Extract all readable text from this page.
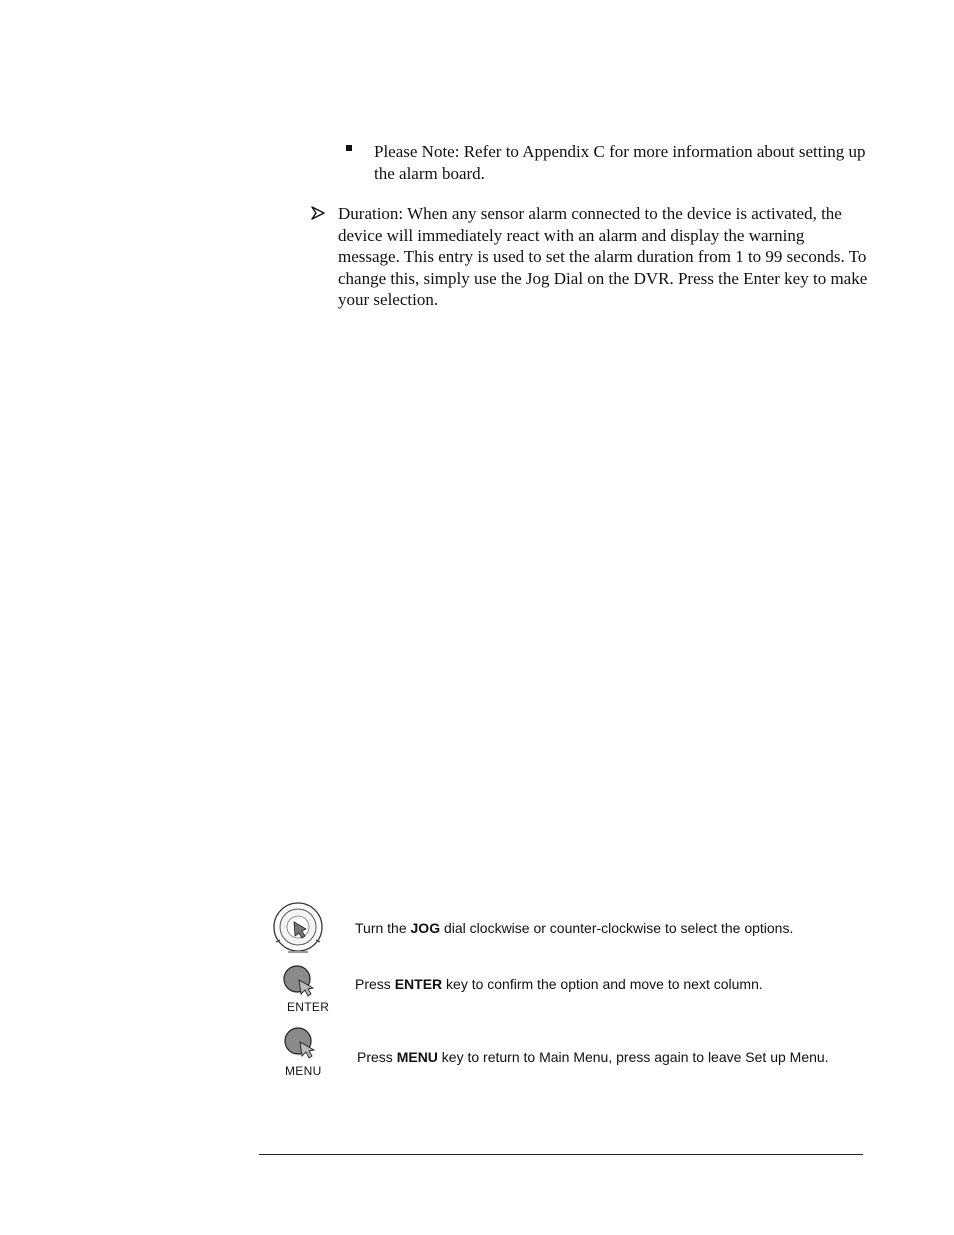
Please Note: Refer to Appendix C for more information about setting up the alarm board.
Duration: When any sensor alarm connected to the device is activated, the device will immediately react with an alarm and display the warning message. This entry is used to set the alarm duration from 1 to 99 seconds. To change this, simply use the Jog Dial on the DVR. Press the Enter key to make your selection.
Turn the JOG dial clockwise or counter-clockwise to select the options.
ENTER
Press ENTER key to confirm the option and move to next column.
MENU
Press MENU key to return to Main Menu, press again to leave Set up Menu.
